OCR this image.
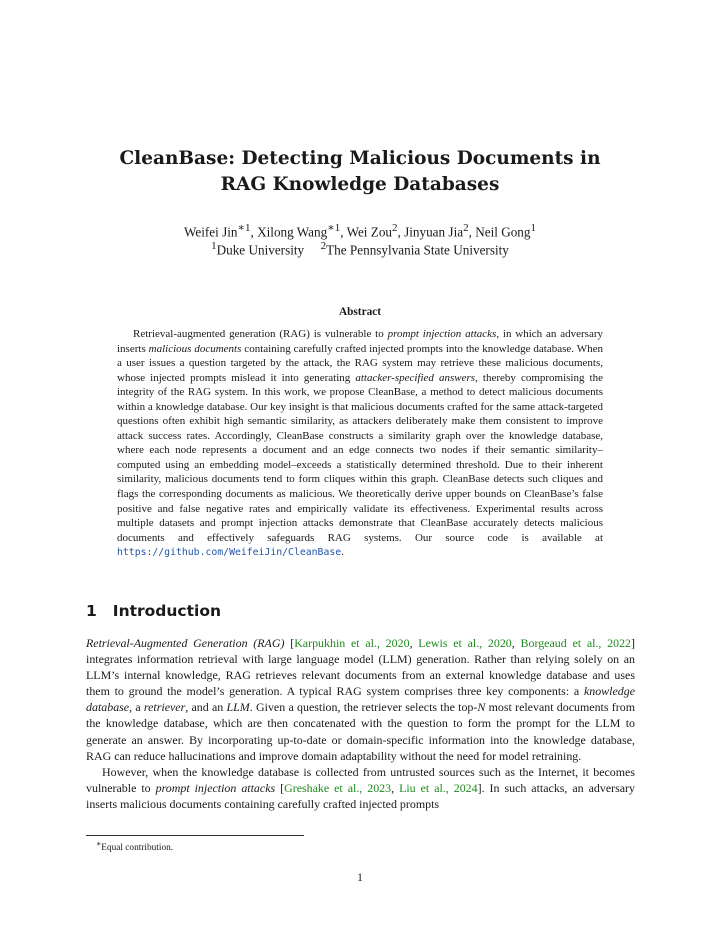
CleanBase: Detecting Malicious Documents in
RAG Knowledge Databases
Weifei Jin$^{∗1}$, Xilong Wang$^{∗1}$, Wei Zou$^2$, Jinyuan Jia$^2$, Neil Gong$^1$
$^1$Duke University $^2$The Pennsylvania State University
Abstract

Retrieval-augmented generation (RAG) is vulnerable to prompt injection attacks, in which an adversary inserts malicious documents containing carefully crafted injected prompts into the knowledge database. When a user issues a question targeted by the attack, the RAG system may retrieve these malicious documents, whose injected prompts mislead it into generating attacker-specified answers, thereby compromising the integrity of the RAG system. In this work, we propose CleanBase, a method to detect malicious documents within a knowledge database. Our key insight is that malicious documents crafted for the same attack-targeted questions often exhibit high semantic similarity, as attackers deliberately make them consistent to improve attack success rates. Accordingly, CleanBase constructs a similarity graph over the knowledge database, where each node represents a document and an edge connects two nodes if their semantic similarity–computed using an embedding model–exceeds a statistically determined threshold. Due to their inherent similarity, malicious documents tend to form cliques within this graph. CleanBase detects such cliques and flags the corresponding documents as malicious. We theoretically derive upper bounds on CleanBase’s false positive and false negative rates and empirically validate its effectiveness. Experimental results across multiple datasets and prompt injection attacks demonstrate that CleanBase accurately detects malicious documents and effectively safeguards RAG systems. Our source code is available at https://github.com/WeifeiJin/CleanBase.

1 Introduction

Retrieval-Augmented Generation (RAG) [Karpukhin et al., 2020, Lewis et al., 2020, Borgeaud et al., 2022] integrates information retrieval with large language model (LLM) generation. Rather than relying solely on an LLM’s internal knowledge, RAG retrieves relevant documents from an external knowledge database and uses them to ground the model’s generation. A typical RAG system comprises three key components: a knowledge database, a retriever, and an LLM. Given a question, the retriever selects the top-N most relevant documents from the knowledge database, which are then concatenated with the question to form the prompt for the LLM to generate an answer. By incorporating up-to-date or domain-specific information into the knowledge database, RAG can reduce hallucinations and improve domain adaptability without the need for model retraining.

However, when the knowledge database is collected from untrusted sources such as the Internet, it becomes vulnerable to prompt injection attacks [Greshake et al., 2023, Liu et al., 2024]. In such attacks, an adversary inserts malicious documents containing carefully crafted injected prompts

∗Equal contribution.
1
